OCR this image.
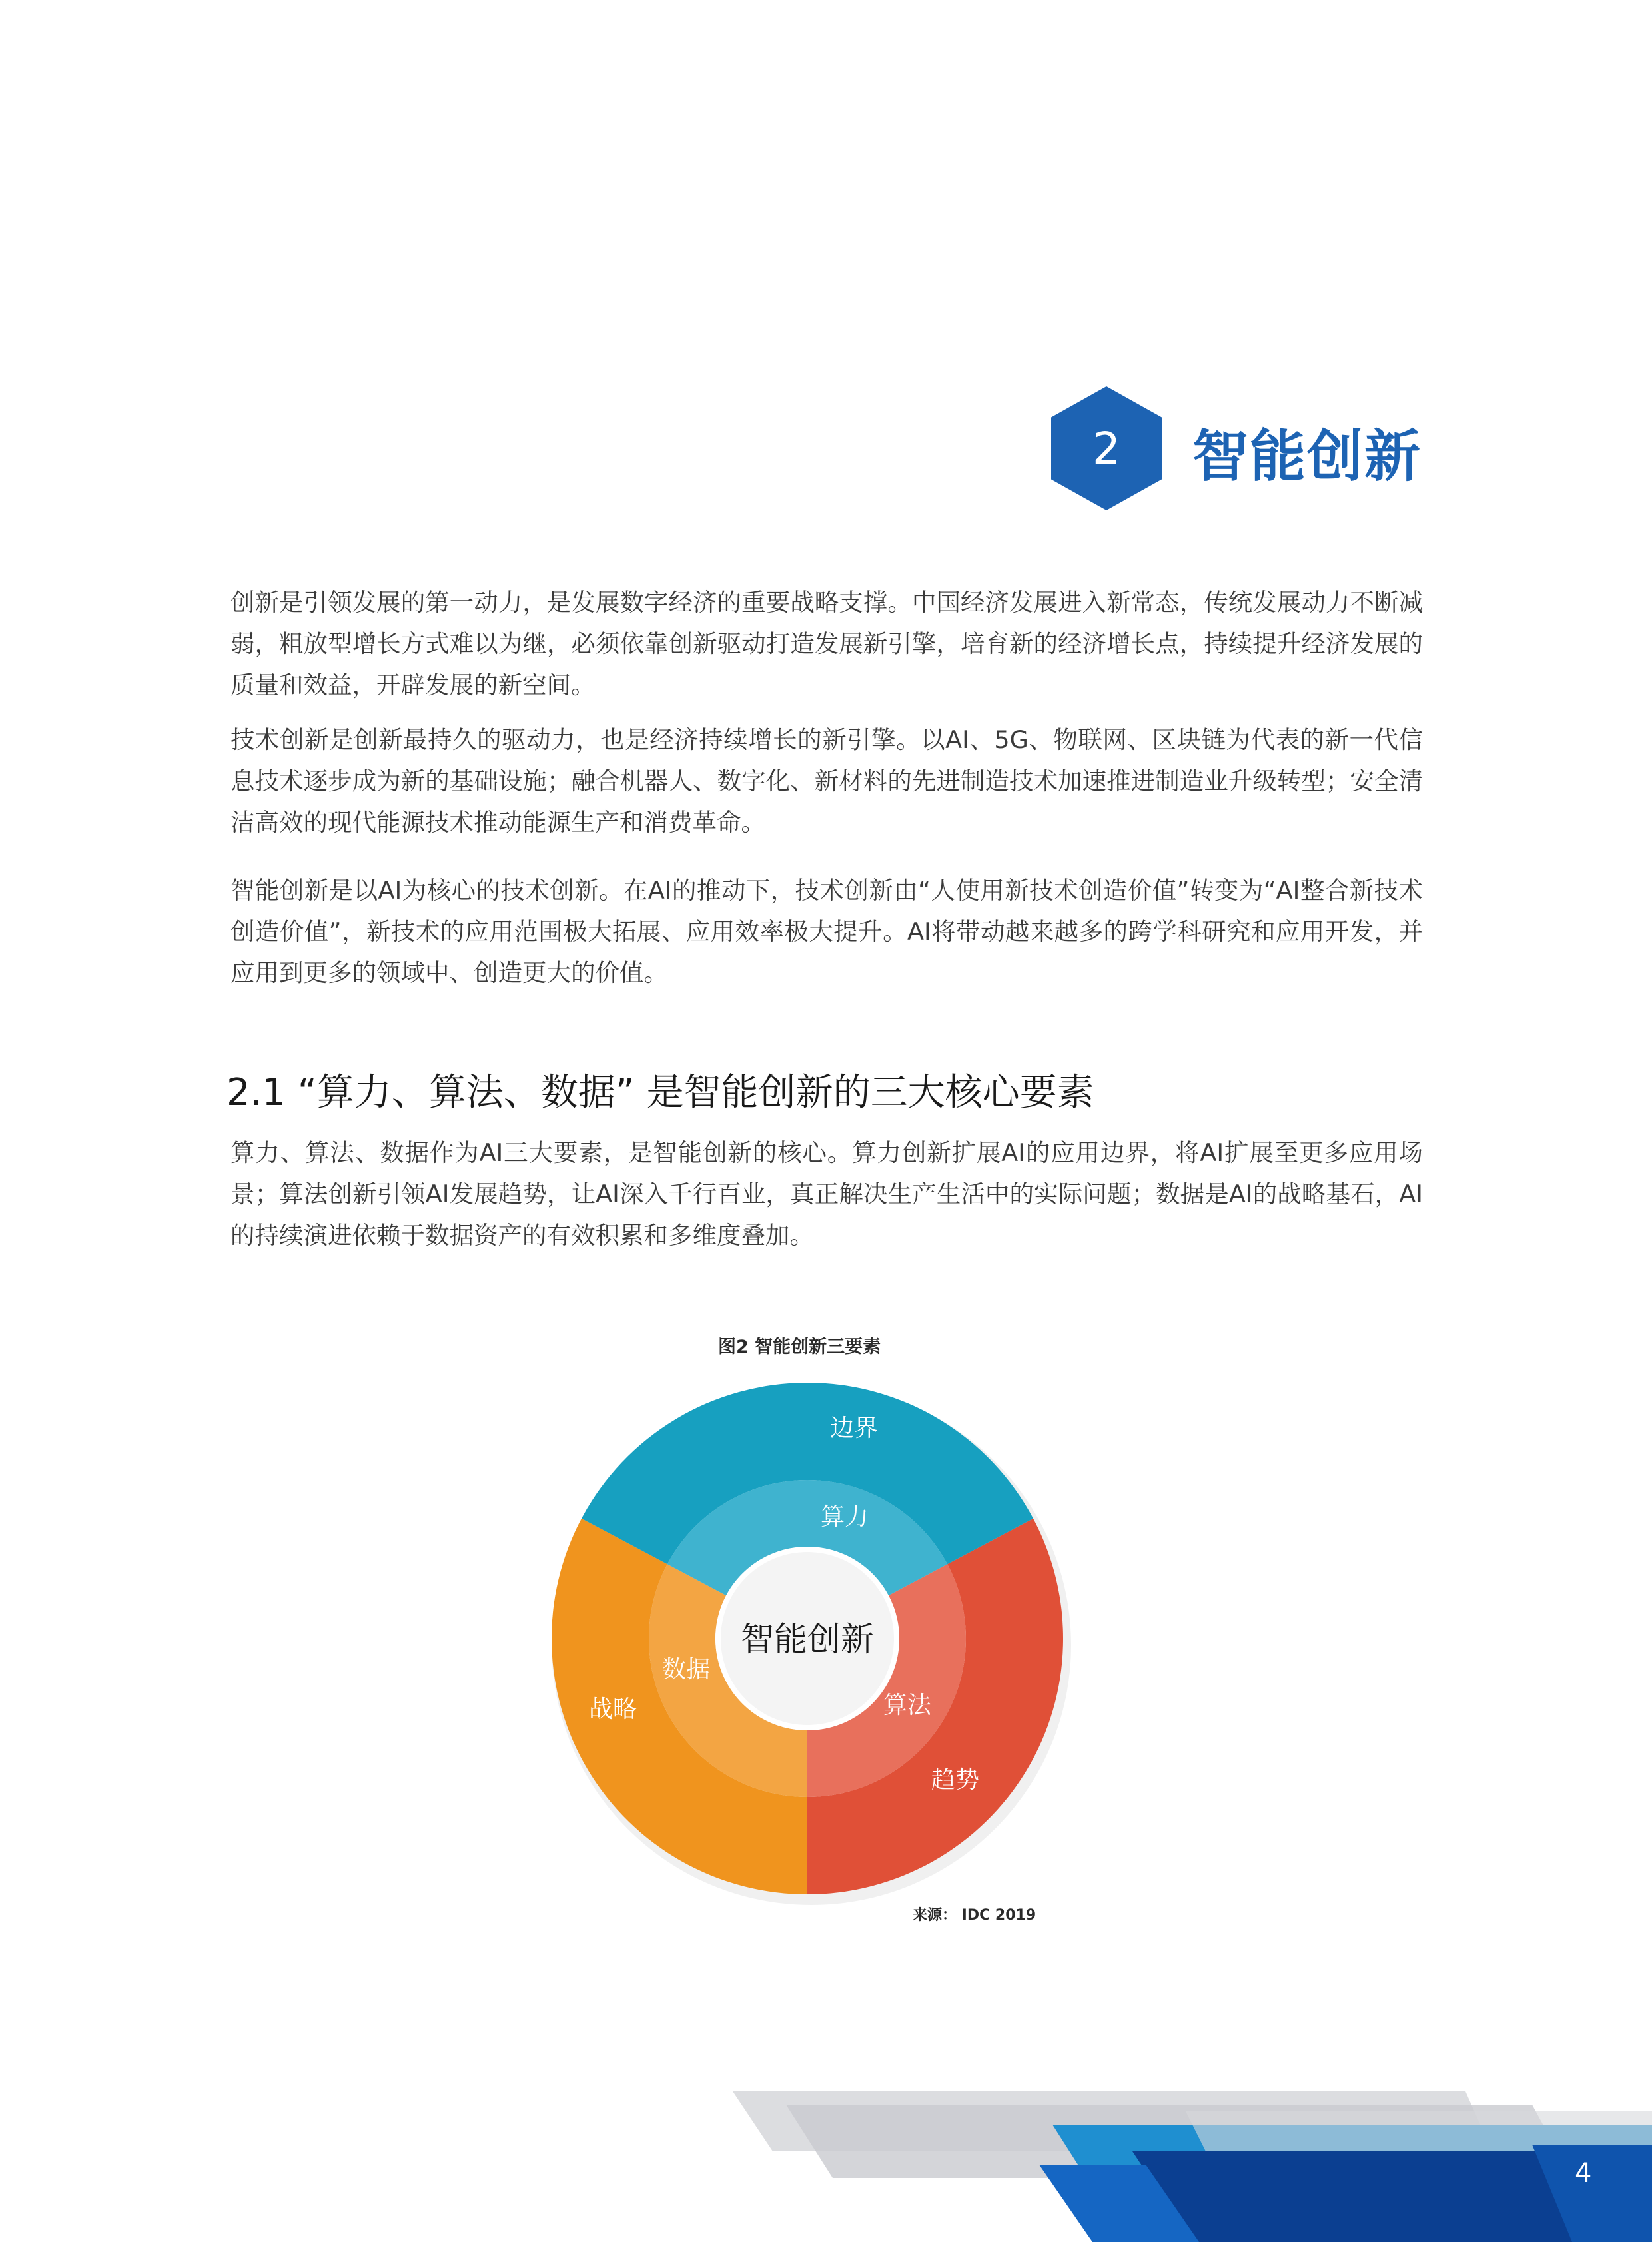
2	智能创新

创新是引领发展的第一动力，是发展数字经济的重要战略支撑。中国经济发展进入新常态，传统发展动力不断减弱，粗放型增长方式难以为继，必须依靠创新驱动打造发展新引擎，培育新的经济增长点，持续提升经济发展的质量和效益，开辟发展的新空间。

技术创新是创新最持久的驱动力，也是经济持续增长的新引擎。以AI、5G、物联网、区块链为代表的新一代信息技术逐步成为新的基础设施；融合机器人、数字化、新材料的先进制造技术加速推进制造业升级转型；安全清洁高效的现代能源技术推动能源生产和消费革命。

智能创新是以AI为核心的技术创新。在AI的推动下，技术创新由“人使用新技术创造价值”转变为“AI整合新技术创造价值”，新技术的应用范围极大拓展、应用效率极大提升。AI将带动越来越多的跨学科研究和应用开发，并应用到更多的领域中、创造更大的价值。

2.1 “算力、算法、数据” 是智能创新的三大核心要素

算力、算法、数据作为AI三大要素，是智能创新的核心。算力创新扩展AI的应用边界，将AI扩展至更多应用场景；算法创新引领AI发展趋势，让AI深入千行百业，真正解决生产生活中的实际问题；数据是AI的战略基石，AI的持续演进依赖于数据资产的有效积累和多维度叠加。

图2 智能创新三要素
智能创新
边界
算力
趋势
算法
战略
数据
来源： IDC 2019
4
